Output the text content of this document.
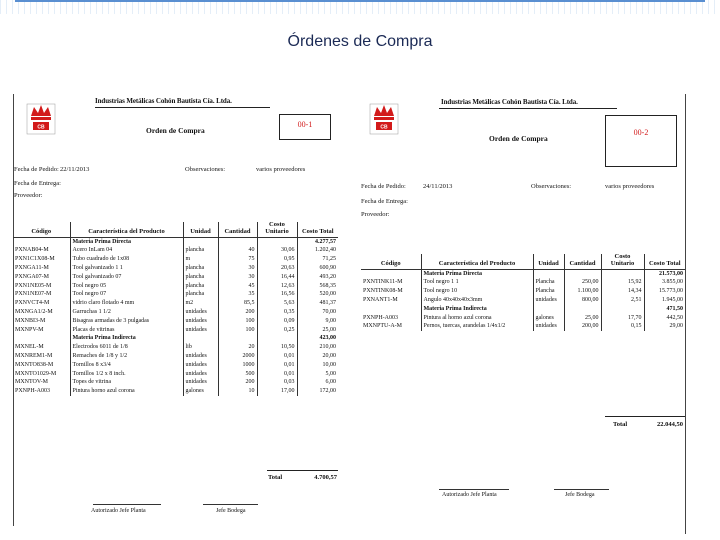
Órdenes de Compra
CB
Industrias Metálicas Cohón Bautista Cía. Ltda.
Orden de Compra
00-1
Fecha de Pedido: 22/11/2013	Observaciones:	varios proveedores
Fecha de Entrega:
Proveedor:
Código	Característica del Producto	Unidad	Cantidad	Costo Unitario	Costo Total
	Materia Prima Directa				4.277,57
PXNAB04-M	Acero InLam 04	plancha	40	30,06	1.202,40
PXN1C1X08-M	Tubo cuadrado de 1x08	m	75	0,95	71,25
PXNGA11-M	Tool galvanizado 1 1	plancha	30	20,63	600,90
PXNGA07-M	Tool galvanizado 07	plancha	30	16,44	493,20
PXN1NE05-M	Tool negro 05	plancha	45	12,63	568,35
PXN1NE07-M	Tool negro 07	plancha	35	16,56	520,00
PXNVCT4-M	vidrio claro flotado 4 mm	m2	85,5	5,63	481,37
MXNGA1/2-M	Garruchas 1 1/2	unidades	200	0,35	70,00
MXNBI3-M	Bisagras armadas de 3 pulgadas	unidades	100	0,09	9,00
MXNPV-M	Placas de vitrinas	unidades	100	0,25	25,00
	Materia Prima Indirecta				423,00
MXNEL-M	Electrodos 6011 de 1/8	lib	20	10,50	210,00
MXNREM1-M	Remaches de 1/8 y 1/2	unidades	2000	0,01	20,00
MXNTO838-M	Tornillos 8 x3/4	unidades	1000	0,01	10,00
MXNTO1029-M	Tornillos 1/2 x 8 inch.	unidades	500	0,01	5,00
MXNTOV-M	Topes de vitrina	unidades	200	0,03	6,00
PXNPH-A003	Pintura horno azul corona	galones	10	17,00	172,00
Total	4.700,57
Autorizado Jefe Planta	Jefe Bodega
CB
Industrias Metálicas Cohón Bautista Cía. Ltda.
Orden de Compra
00-2
Fecha de Pedido:	24/11/2013	Observaciones:	varios proveedores
Fecha de Entrega:
Proveedor:
Código	Característica del Producto	Unidad	Cantidad	Costo Unitario	Costo Total
	Materia Prima Directa				21.573,00
PXNTINK11-M	Tool negro 1 1	Plancha	250,00	15,92	3.855,00
PXNTINK08-M	Tool negro 10	Plancha	1.100,00	14,34	15.773,00
PXNANT1-M	Angulo 40x40x40x3mm	unidades	800,00	2,51	1.945,00
	Materia Prima Indirecta				471,50
PXNPH-A003	Pintura al horno azul corona	galones	25,00	17,70	442,50
MXNPTU-A-M	Pernos, tuercas, arandelas 1/4x1/2	unidades	200,00	0,15	29,00
Total	22.044,50
Autorizado Jefe Planta	Jefe Bodega
